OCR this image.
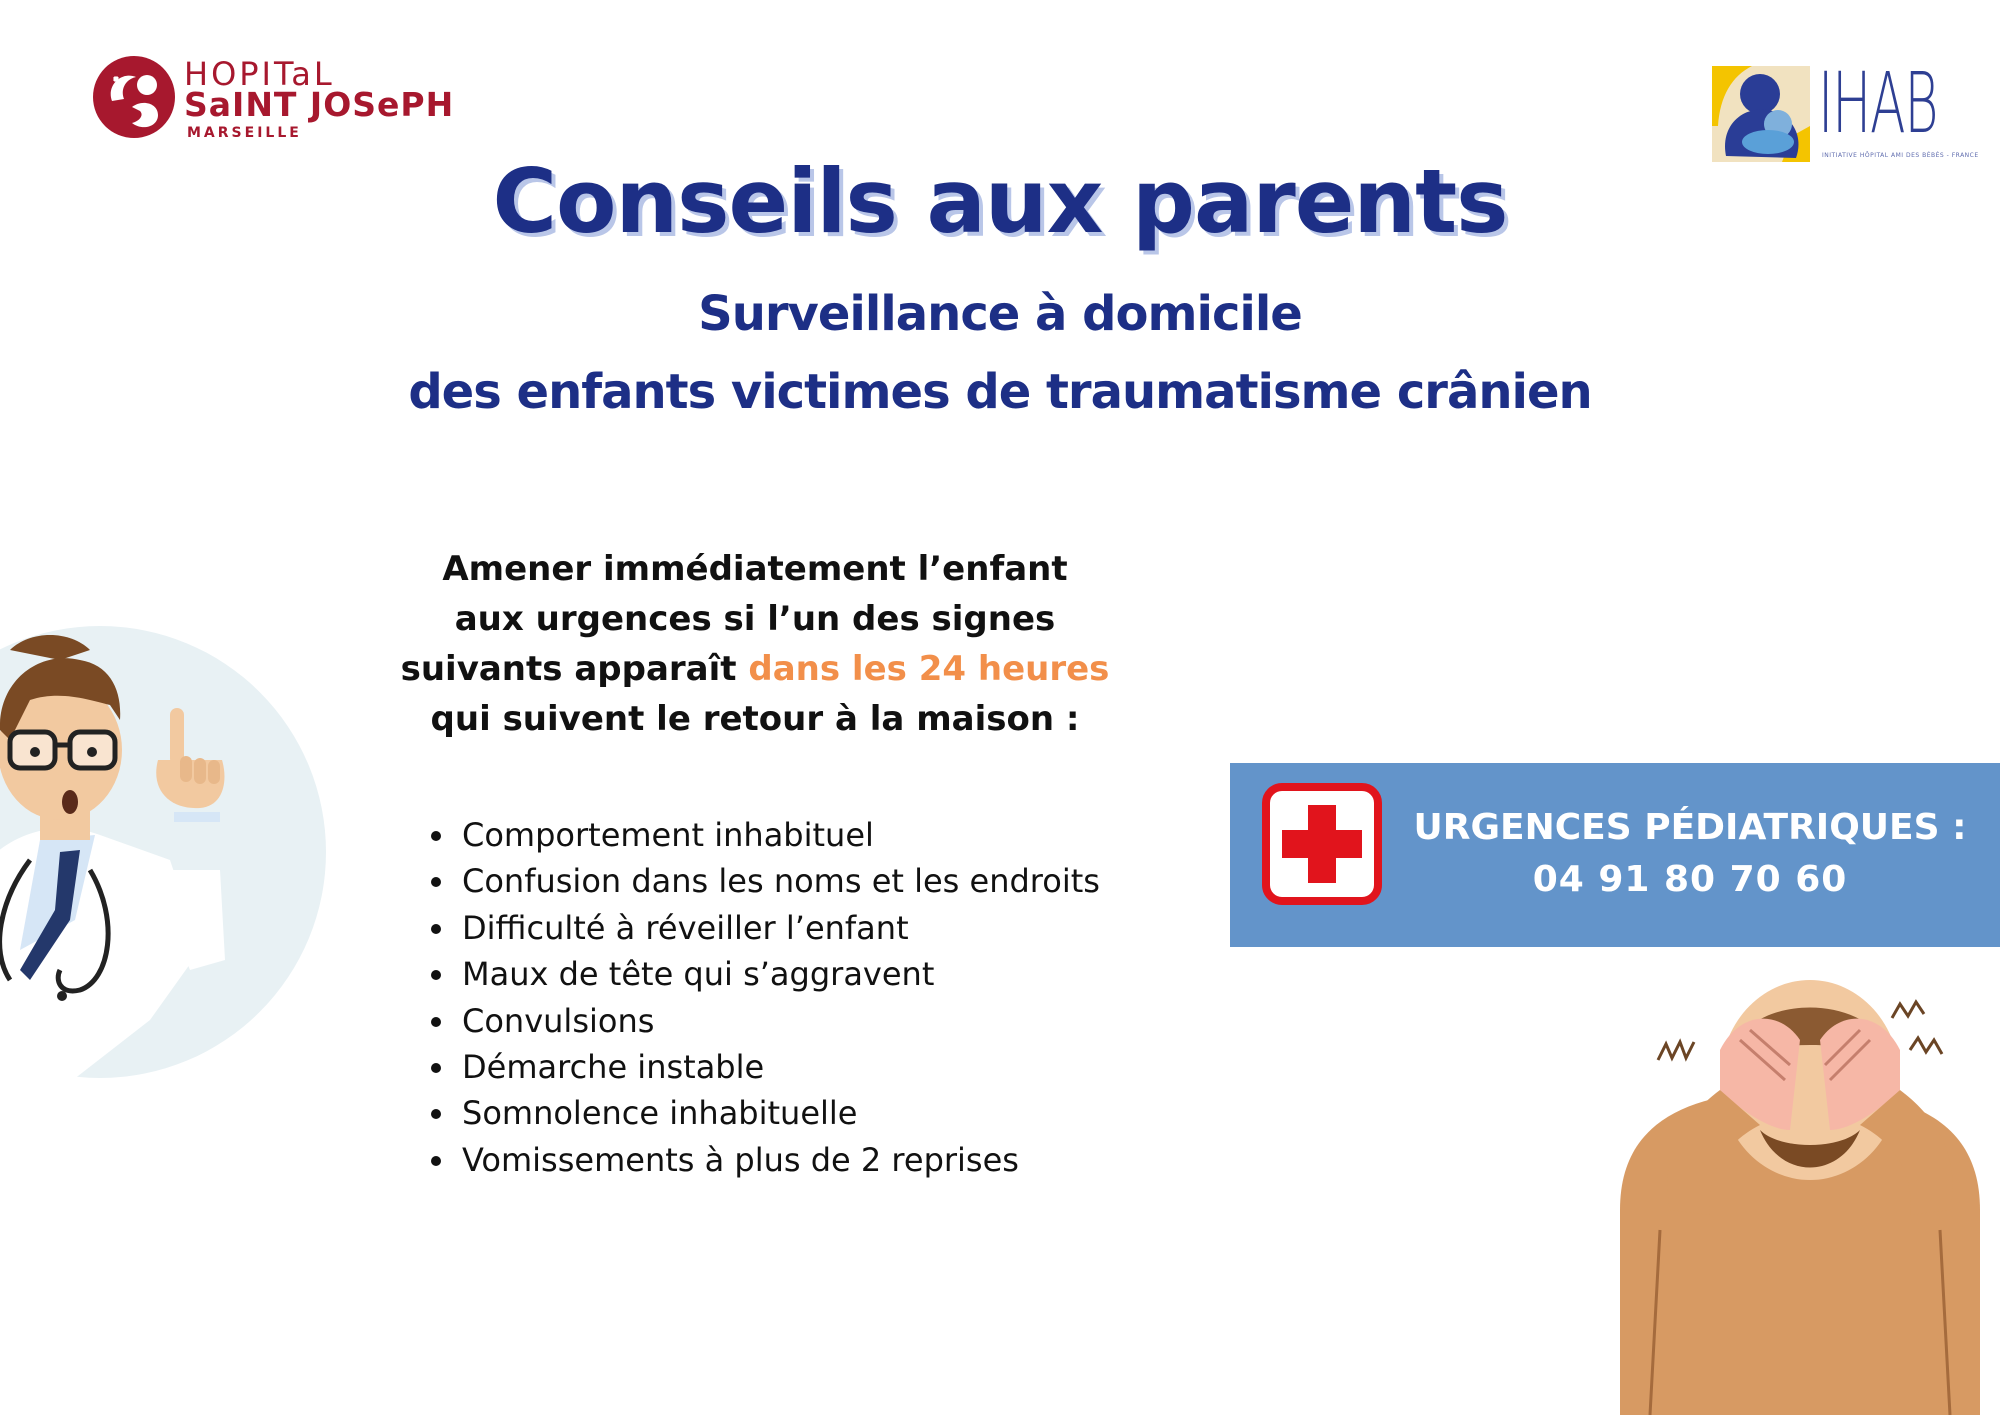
HOPITaL
SaINT JOSePH
MARSEILLE	IHAB
INITIATIVE HÔPITAL AMI DES BÉBÉS - FRANCE
Conseils aux parents
Surveillance à domicile
des enfants victimes de traumatisme crânien
Amener immédiatement l’enfant
aux urgences si l’un des signes
suivants apparaît dans les 24 heures
qui suivent le retour à la maison :
• Comportement inhabituel
• Confusion dans les noms et les endroits
• Difficulté à réveiller l’enfant
• Maux de tête qui s’aggravent
• Convulsions
• Démarche instable
• Somnolence inhabituelle
• Vomissements à plus de 2 reprises
URGENCES PÉDIATRIQUES :
04 91 80 70 60
